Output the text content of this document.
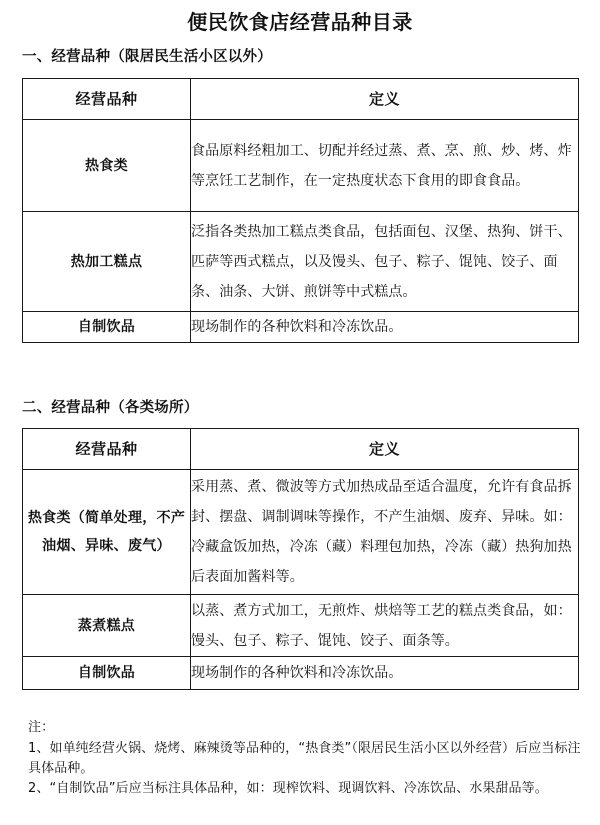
便民饮食店经营品种目录
一、经营品种（限居民生活小区以外）
经营品种	定义
热食类	食品原料经粗加工、切配并经过蒸、煮、烹、煎、炒、烤、炸等烹饪工艺制作，在一定热度状态下食用的即食食品。
热加工糕点	泛指各类热加工糕点类食品，包括面包、汉堡、热狗、饼干、匹萨等西式糕点，以及馒头、包子、粽子、馄饨、饺子、面条、油条、大饼、煎饼等中式糕点。
自制饮品	现场制作的各种饮料和冷冻饮品。
二、经营品种（各类场所）
经营品种	定义
热食类（简单处理，不产油烟、异味、废气）	采用蒸、煮、微波等方式加热成品至适合温度，允许有食品拆封、摆盘、调制调味等操作，不产生油烟、废弃、异味。如：冷藏盒饭加热，冷冻（藏）料理包加热，冷冻（藏）热狗加热后表面加酱料等。
蒸煮糕点	以蒸、煮方式加工，无煎炸、烘焙等工艺的糕点类食品，如：馒头、包子、粽子、馄饨、饺子、面条等。
自制饮品	现场制作的各种饮料和冷冻饮品。
注：
1、如单纯经营火锅、烧烤、麻辣烫等品种的，“热食类”（限居民生活小区以外经营）后应当标注具体品种。
2、“自制饮品”后应当标注具体品种，如：现榨饮料、现调饮料、冷冻饮品、水果甜品等。
